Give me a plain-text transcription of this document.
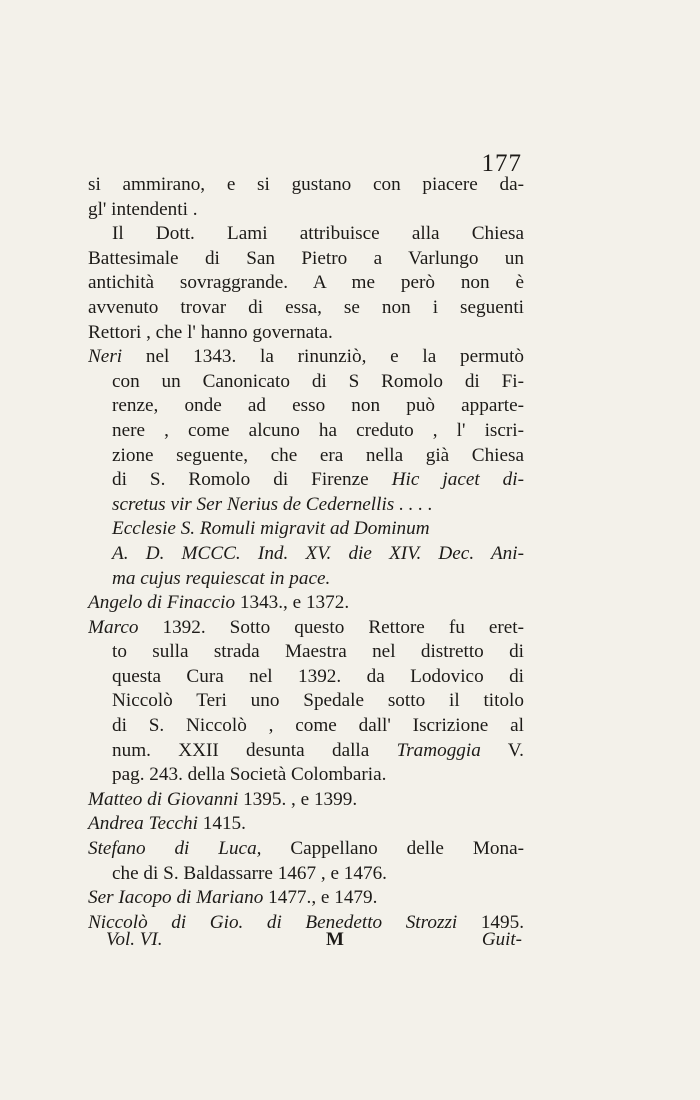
177
si ammirano, e si gustano con piacere da-
gl' intendenti .
Il Dott. Lami attribuisce alla Chiesa
Battesimale di San Pietro a Varlungo un
antichità sovraggrande. A me però non è
avvenuto trovar di essa, se non i seguenti
Rettori , che l' hanno governata.
Neri nel 1343. la rinunziò, e la permutò
con un Canonicato di S Romolo di Fi-
renze, onde ad esso non può apparte-
nere , come alcuno ha creduto , l' iscri-
zione seguente, che era nella già Chiesa
di S. Romolo di Firenze Hic jacet di-
scretus vir Ser Nerius de Cedernellis . . . .
Ecclesie S. Romuli migravit ad Dominum
A. D. MCCC. Ind. XV. die XIV. Dec. Ani-
ma cujus requiescat in pace.
Angelo di Finaccio 1343., e 1372.
Marco 1392. Sotto questo Rettore fu eret-
to sulla strada Maestra nel distretto di
questa Cura nel 1392. da Lodovico di
Niccolò Teri uno Spedale sotto il titolo
di S. Niccolò , come dall' Iscrizione al
num. XXII desunta dalla Tramoggia V.
pag. 243. della Società Colombaria.
Matteo di Giovanni 1395. , e 1399.
Andrea Tecchi 1415.
Stefano di Luca, Cappellano delle Mona-
che di S. Baldassarre 1467 , e 1476.
Ser Iacopo di Mariano 1477., e 1479.
Niccolò di Gio. di Benedetto Strozzi 1495.
Vol. VI.	M	Guit-
